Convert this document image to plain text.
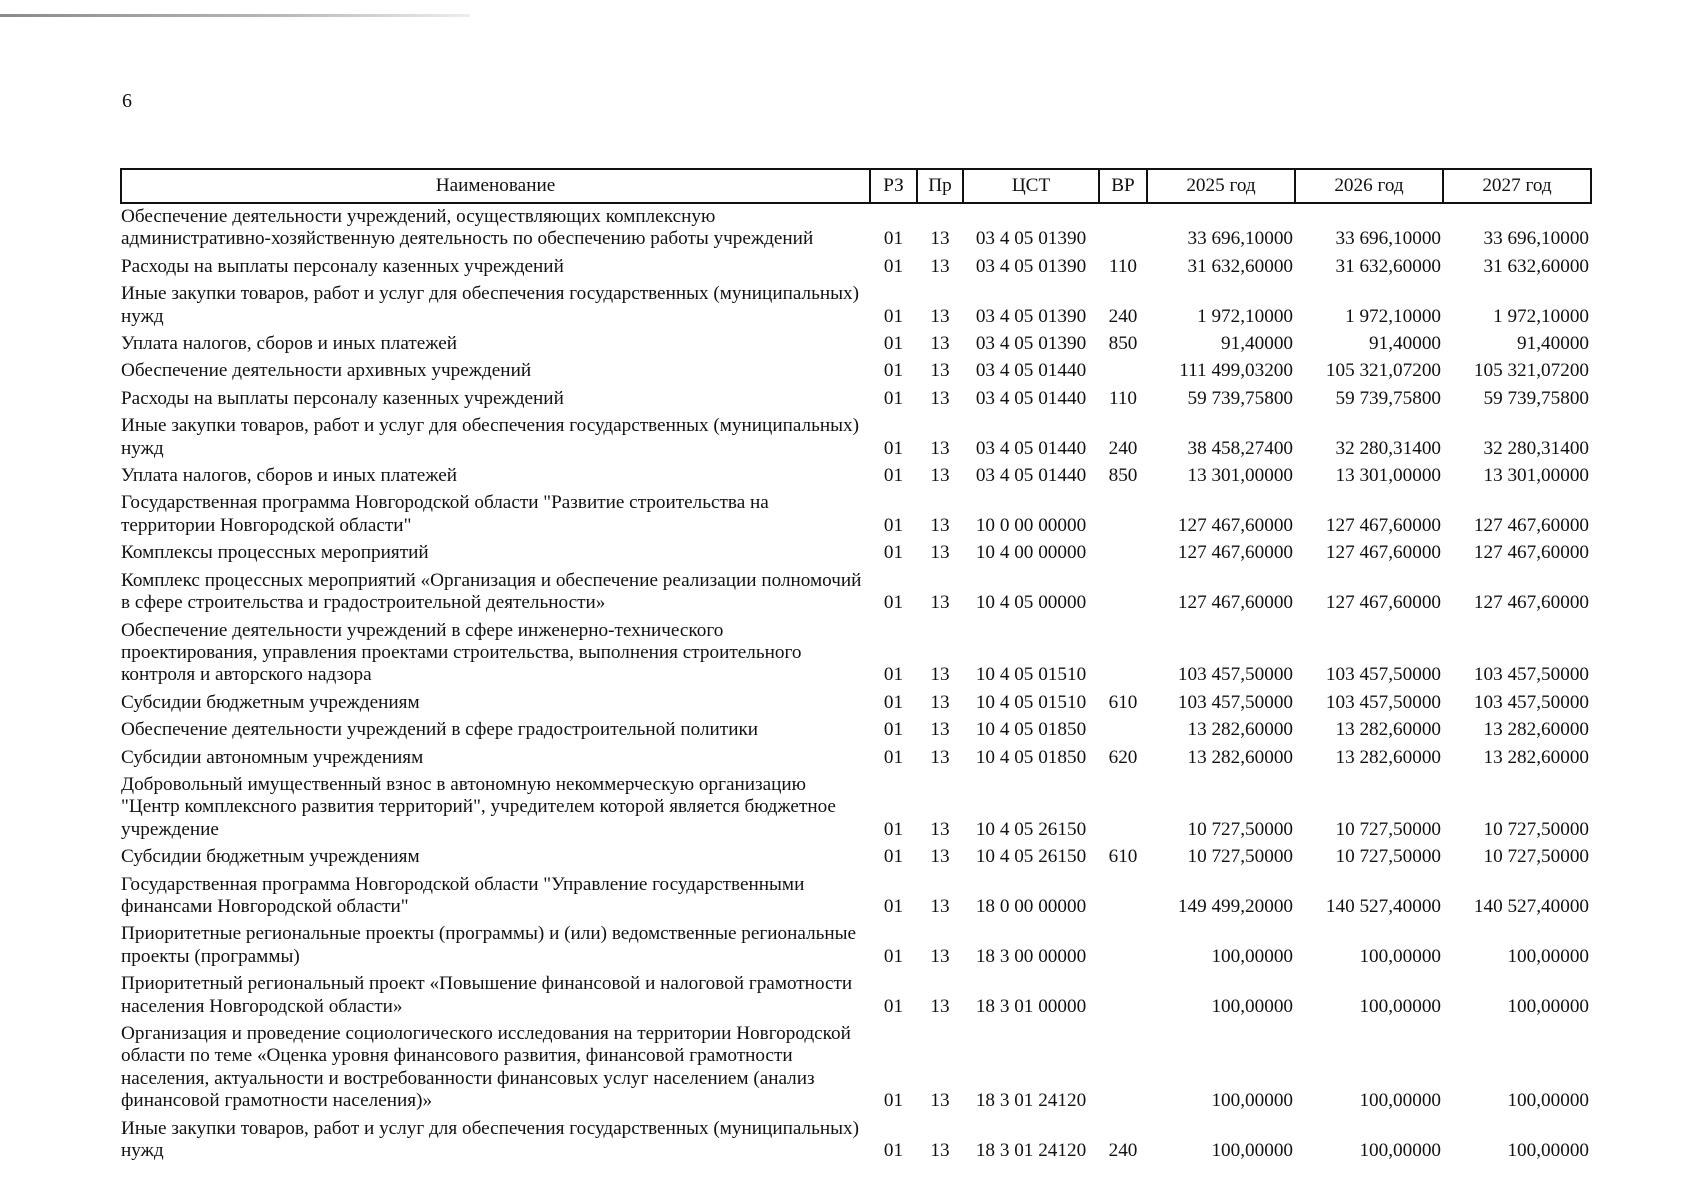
6
Наименование	РЗ	Пр	ЦСТ	ВР	2025 год	2026 год	2027 год
Обеспечение деятельности учреждений, осуществляющих комплексную административно-хозяйственную деятельность по обеспечению работы учреждений	01	13	03 4 05 01390		33 696,10000	33 696,10000	33 696,10000
Расходы на выплаты персоналу казенных учреждений	01	13	03 4 05 01390	110	31 632,60000	31 632,60000	31 632,60000
Иные закупки товаров, работ и услуг для обеспечения государственных (муниципальных) нужд	01	13	03 4 05 01390	240	1 972,10000	1 972,10000	1 972,10000
Уплата налогов, сборов и иных платежей	01	13	03 4 05 01390	850	91,40000	91,40000	91,40000
Обеспечение деятельности архивных учреждений	01	13	03 4 05 01440		111 499,03200	105 321,07200	105 321,07200
Расходы на выплаты персоналу казенных учреждений	01	13	03 4 05 01440	110	59 739,75800	59 739,75800	59 739,75800
Иные закупки товаров, работ и услуг для обеспечения государственных (муниципальных) нужд	01	13	03 4 05 01440	240	38 458,27400	32 280,31400	32 280,31400
Уплата налогов, сборов и иных платежей	01	13	03 4 05 01440	850	13 301,00000	13 301,00000	13 301,00000
Государственная программа Новгородской области "Развитие строительства на территории Новгородской области"	01	13	10 0 00 00000		127 467,60000	127 467,60000	127 467,60000
Комплексы процессных мероприятий	01	13	10 4 00 00000		127 467,60000	127 467,60000	127 467,60000
Комплекс процессных мероприятий «Организация и обеспечение реализации полномочий в сфере строительства и градостроительной деятельности»	01	13	10 4 05 00000		127 467,60000	127 467,60000	127 467,60000
Обеспечение деятельности учреждений в сфере инженерно-технического проектирования, управления проектами строительства, выполнения строительного контроля и авторского надзора	01	13	10 4 05 01510		103 457,50000	103 457,50000	103 457,50000
Субсидии бюджетным учреждениям	01	13	10 4 05 01510	610	103 457,50000	103 457,50000	103 457,50000
Обеспечение деятельности учреждений в сфере градостроительной политики	01	13	10 4 05 01850		13 282,60000	13 282,60000	13 282,60000
Субсидии автономным учреждениям	01	13	10 4 05 01850	620	13 282,60000	13 282,60000	13 282,60000
Добровольный имущественный взнос в автономную некоммерческую организацию "Центр комплексного развития территорий", учредителем которой является бюджетное учреждение	01	13	10 4 05 26150		10 727,50000	10 727,50000	10 727,50000
Субсидии бюджетным учреждениям	01	13	10 4 05 26150	610	10 727,50000	10 727,50000	10 727,50000
Государственная программа Новгородской области "Управление государственными финансами Новгородской области"	01	13	18 0 00 00000		149 499,20000	140 527,40000	140 527,40000
Приоритетные региональные проекты (программы) и (или) ведомственные региональные проекты (программы)	01	13	18 3 00 00000		100,00000	100,00000	100,00000
Приоритетный региональный проект «Повышение финансовой и налоговой грамотности населения Новгородской области»	01	13	18 3 01 00000		100,00000	100,00000	100,00000
Организация и проведение социологического исследования на территории Новгородской области по теме «Оценка уровня финансового развития, финансовой грамотности населения, актуальности и востребованности финансовых услуг населением (анализ финансовой грамотности населения)»	01	13	18 3 01 24120		100,00000	100,00000	100,00000
Иные закупки товаров, работ и услуг для обеспечения государственных (муниципальных) нужд	01	13	18 3 01 24120	240	100,00000	100,00000	100,00000
